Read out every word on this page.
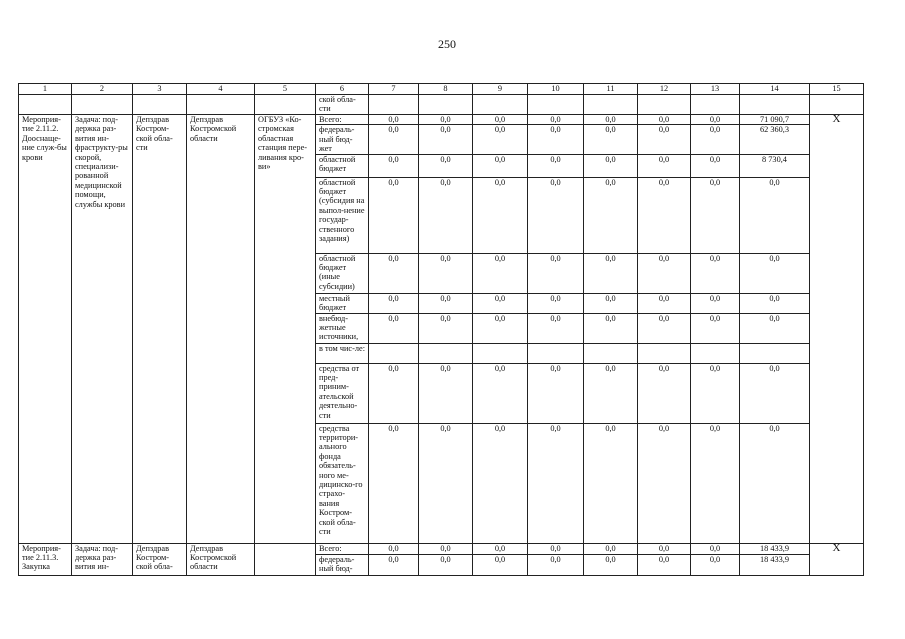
250
1	2	3	4	5	6	7	8	9	10	11	12	13	14	15
					ской обла-сти									
Мероприя-тие 2.11.2. Дооснаще-ние служ-бы крови	Задача: под-держка раз-вития ин-фраструкту-ры скорой, специализи-рованной медицинской помощи, службы крови	Депздрав Костром-ской обла-сти	Депздрав Костромской области	ОГБУЗ «Ко-стромская областная станция пере-ливания кро-ви»	Всего:	0,0	0,0	0,0	0,0	0,0	0,0	0,0	71 090,7	X
					федераль-ный бюд-жет	0,0	0,0	0,0	0,0	0,0	0,0	0,0	62 360,3	
					областной бюджет	0,0	0,0	0,0	0,0	0,0	0,0	0,0	8 730,4	
					областной бюджет (субсидия на выпол-нение государ-ственного задания)	0,0	0,0	0,0	0,0	0,0	0,0	0,0	0,0	
					областной бюджет (иные субсидии)	0,0	0,0	0,0	0,0	0,0	0,0	0,0	0,0	
					местный бюджет	0,0	0,0	0,0	0,0	0,0	0,0	0,0	0,0	
					внебюд-жетные источники,	0,0	0,0	0,0	0,0	0,0	0,0	0,0	0,0	
					в том чис-ле:									
					средства от пред-приним-ательской деятельно-сти	0,0	0,0	0,0	0,0	0,0	0,0	0,0	0,0	
					средства территори-ального фонда обязатель-ного ме-дицинско-го страхо-вания Костром-ской обла-сти	0,0	0,0	0,0	0,0	0,0	0,0	0,0	0,0	
Мероприя-тие 2.11.3. Закупка	Задача: под-держка раз-вития ин-	Депздрав Костром-ской обла-	Депздрав Костромской области		Всего:	0,0	0,0	0,0	0,0	0,0	0,0	0,0	18 433,9	X
					федераль-ный бюд-	0,0	0,0	0,0	0,0	0,0	0,0	0,0	18 433,9	
